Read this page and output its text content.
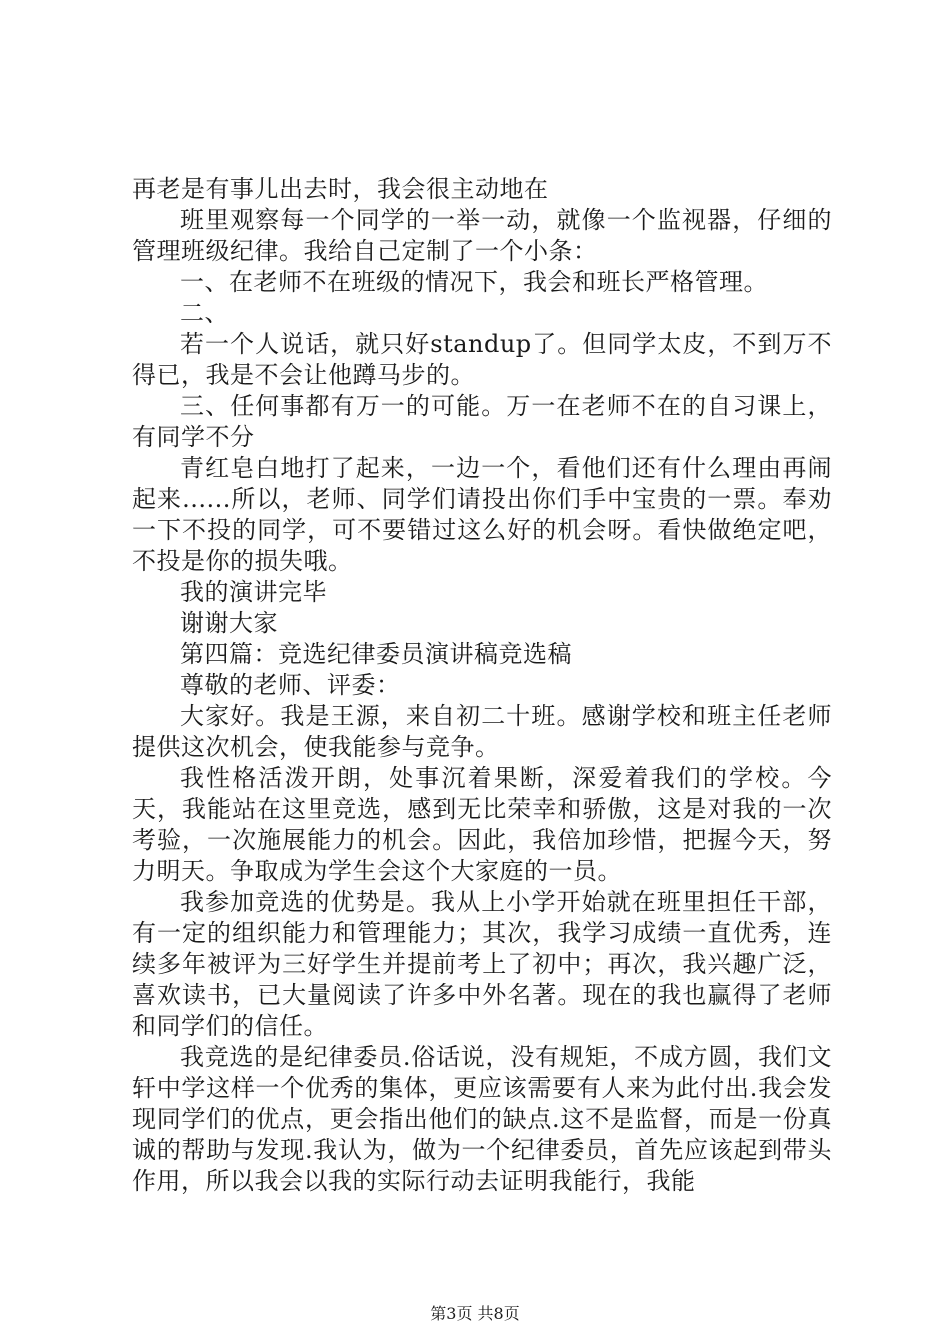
再老是有事儿出去时，我会很主动地在

班里观察每一个同学的一举一动，就像一个监视器，仔细的管理班级纪律。我给自己定制了一个小条：

一、在老师不在班级的情况下，我会和班长严格管理。

二、

若一个人说话，就只好standup了。但同学太皮，不到万不得已，我是不会让他蹲马步的。

三、任何事都有万一的可能。万一在老师不在的自习课上，有同学不分

青红皂白地打了起来，一边一个，看他们还有什么理由再闹起来......所以，老师、同学们请投出你们手中宝贵的一票。奉劝一下不投的同学，可不要错过这么好的机会呀。看快做绝定吧，不投是你的损失哦。

我的演讲完毕

谢谢大家

第四篇：竞选纪律委员演讲稿竞选稿

尊敬的老师、评委：

大家好。我是王源，来自初二十班。感谢学校和班主任老师提供这次机会，使我能参与竞争。

我性格活泼开朗，处事沉着果断，深爱着我们的学校。今天，我能站在这里竞选，感到无比荣幸和骄傲，这是对我的一次考验，一次施展能力的机会。因此，我倍加珍惜，把握今天，努力明天。争取成为学生会这个大家庭的一员。

我参加竞选的优势是。我从上小学开始就在班里担任干部，有一定的组织能力和管理能力；其次，我学习成绩一直优秀，连续多年被评为三好学生并提前考上了初中；再次，我兴趣广泛，喜欢读书，已大量阅读了许多中外名著。现在的我也赢得了老师和同学们的信任。

我竞选的是纪律委员.俗话说，没有规矩，不成方圆，我们文轩中学这样一个优秀的集体，更应该需要有人来为此付出.我会发现同学们的优点，更会指出他们的缺点.这不是监督，而是一份真诚的帮助与发现.我认为，做为一个纪律委员，首先应该起到带头作用，所以我会以我的实际行动去证明我能行，我能

第3页 共8页
